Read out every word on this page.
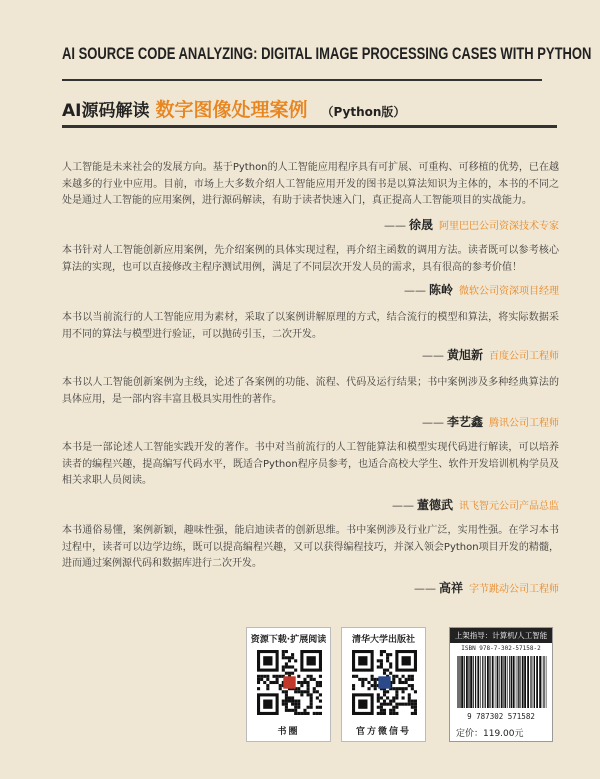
AI SOURCE CODE ANALYZING: DIGITAL IMAGE PROCESSING CASES WITH PYTHON
AI源码解读 数字图像处理案例 （Python版）

人工智能是未来社会的发展方向。基于Python的人工智能应用程序具有可扩展、可重构、可移植的优势，已在越来越多的行业中应用。目前，市场上大多数介绍人工智能应用开发的图书是以算法知识为主体的，本书的不同之处是通过人工智能的应用案例，进行源码解读，有助于读者快速入门，真正提高人工智能项目的实战能力。

—— 徐晟 阿里巴巴公司资深技术专家

本书针对人工智能创新应用案例，先介绍案例的具体实现过程，再介绍主函数的调用方法。读者既可以参考核心算法的实现，也可以直接修改主程序测试用例，满足了不同层次开发人员的需求，具有很高的参考价值！

—— 陈岭 微软公司资深项目经理

本书以当前流行的人工智能应用为素材，采取了以案例讲解原理的方式，结合流行的模型和算法，将实际数据采用不同的算法与模型进行验证，可以抛砖引玉，二次开发。

—— 黄旭新 百度公司工程师

本书以人工智能创新案例为主线，论述了各案例的功能、流程、代码及运行结果；书中案例涉及多种经典算法的具体应用，是一部内容丰富且极具实用性的著作。

—— 李艺鑫 腾讯公司工程师

本书是一部论述人工智能实践开发的著作。书中对当前流行的人工智能算法和模型实现代码进行解读，可以培养读者的编程兴趣，提高编写代码水平，既适合Python程序员参考，也适合高校大学生、软件开发培训机构学员及相关求职人员阅读。

—— 董德武 讯飞智元公司产品总监

本书通俗易懂，案例新颖，趣味性强，能启迪读者的创新思维。书中案例涉及行业广泛，实用性强。在学习本书过程中，读者可以边学边练，既可以提高编程兴趣，又可以获得编程技巧，并深入领会Python项目开发的精髓，进而通过案例源代码和数据库进行二次开发。

—— 高祥 字节跳动公司工程师
资源下载·扩展阅读
书圈
清华大学出版社
官方微信号
上架指导：计算机/人工智能
ISBN 978-7-302-57158-2
9 787302 571582
定价：119.00元
